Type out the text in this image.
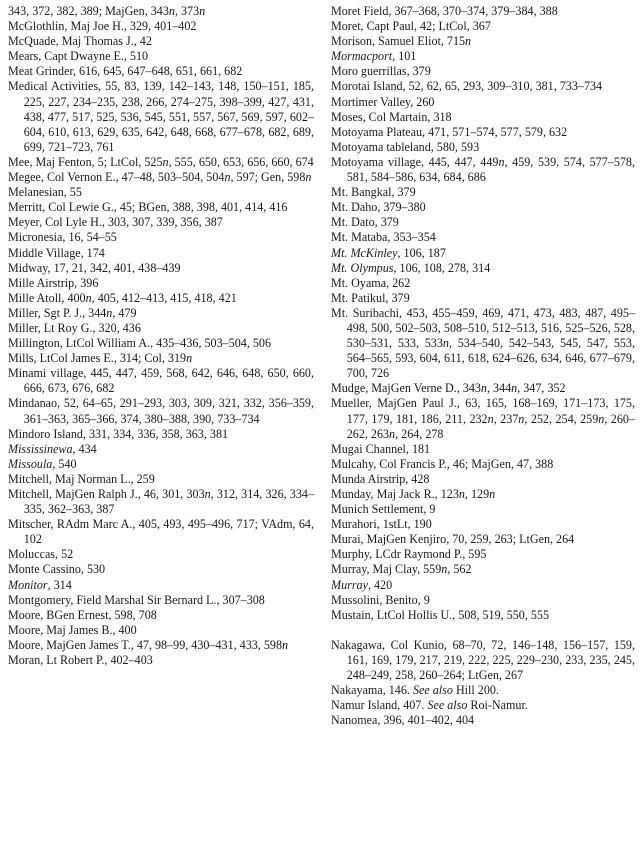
343, 372, 382, 389; MajGen, 343n, 373n

McGlothlin, Maj Joe H., 329, 401–402

McQuade, Maj Thomas J., 42

Mears, Capt Dwayne E., 510

Meat Grinder, 616, 645, 647–648, 651, 661, 682

Medical Activities, 55, 83, 139, 142–143, 148, 150–151, 185, 225, 227, 234–235, 238, 266, 274–275, 398–399, 427, 431, 438, 477, 517, 525, 536, 545, 551, 557, 567, 569, 597, 602–604, 610, 613, 629, 635, 642, 648, 668, 677–678, 682, 689, 699, 721–723, 761

Mee, Maj Fenton, 5; LtCol, 525n, 555, 650, 653, 656, 660, 674

Megee, Col Vernon E., 47–48, 503–504, 504n, 597; Gen, 598n

Melanesian, 55

Merritt, Col Lewie G., 45; BGen, 388, 398, 401, 414, 416

Meyer, Col Lyle H., 303, 307, 339, 356, 387

Micronesia, 16, 54–55

Middle Village, 174

Midway, 17, 21, 342, 401, 438–439

Mille Airstrip, 396

Mille Atoll, 400n, 405, 412–413, 415, 418, 421

Miller, Sgt P. J., 344n, 479

Miller, Lt Roy G., 320, 436

Millington, LtCol William A., 435–436, 503–504, 506

Mills, LtCol James E., 314; Col, 319n

Minami village, 445, 447, 459, 568, 642, 646, 648, 650, 660, 666, 673, 676, 682

Mindanao, 52, 64–65, 291–293, 303, 309, 321, 332, 356–359, 361–363, 365–366, 374, 380–388, 390, 733–734

Mindoro Island, 331, 334, 336, 358, 363, 381

Mississinewa, 434

Missoula, 540

Mitchell, Maj Norman L., 259

Mitchell, MajGen Ralph J., 46, 301, 303n, 312, 314, 326, 334–335, 362–363, 387

Mitscher, RAdm Marc A., 405, 493, 495–496, 717; VAdm, 64, 102

Moluccas, 52

Monte Cassino, 530

Monitor, 314

Montgomery, Field Marshal Sir Bernard L., 307–308

Moore, BGen Ernest, 598, 708

Moore, Maj James B., 400

Moore, MajGen James T., 47, 98–99, 430–431, 433, 598n

Moran, Lt Robert P., 402–403

Moret Field, 367–368, 370–374, 379–384, 388

Moret, Capt Paul, 42; LtCol, 367

Morison, Samuel Eliot, 715n

Mormacport, 101

Moro guerrillas, 379

Morotai Island, 52, 62, 65, 293, 309–310, 381, 733–734

Mortimer Valley, 260

Moses, Col Martain, 318

Motoyama Plateau, 471, 571–574, 577, 579, 632

Motoyama tableland, 580, 593

Motoyama village, 445, 447, 449n, 459, 539, 574, 577–578, 581, 584–586, 634, 684, 686

Mt. Bangkal, 379

Mt. Daho, 379–380

Mt. Dato, 379

Mt. Mataba, 353–354

Mt. McKinley, 106, 187

Mt. Olympus, 106, 108, 278, 314

Mt. Oyama, 262

Mt. Patikul, 379

Mt. Suribachi, 453, 455–459, 469, 471, 473, 483, 487, 495–498, 500, 502–503, 508–510, 512–513, 516, 525–526, 528, 530–531, 533, 533n, 534–540, 542–543, 545, 547, 553, 564–565, 593, 604, 611, 618, 624–626, 634, 646, 677–679, 700, 726

Mudge, MajGen Verne D., 343n, 344n, 347, 352

Mueller, MajGen Paul J., 63, 165, 168–169, 171–173, 175, 177, 179, 181, 186, 211, 232n, 237n, 252, 254, 259n, 260–262, 263n, 264, 278

Mugai Channel, 181

Mulcahy, Col Francis P., 46; MajGen, 47, 388

Munda Airstrip, 428

Munday, Maj Jack R., 123n, 129n

Munich Settlement, 9

Murahori, 1stLt, 190

Murai, MajGen Kenjiro, 70, 259, 263; LtGen, 264

Murphy, LCdr Raymond P., 595

Murray, Maj Clay, 559n, 562

Murray, 420

Mussolini, Benito, 9

Mustain, LtCol Hollis U., 508, 519, 550, 555

Nakagawa, Col Kunio, 68–70, 72, 146–148, 156–157, 159, 161, 169, 179, 217, 219, 222, 225, 229–230, 233, 235, 245, 248–249, 258, 260–264; LtGen, 267

Nakayama, 146. See also Hill 200.

Namur Island, 407. See also Roi-Namur.

Nanomea, 396, 401–402, 404
